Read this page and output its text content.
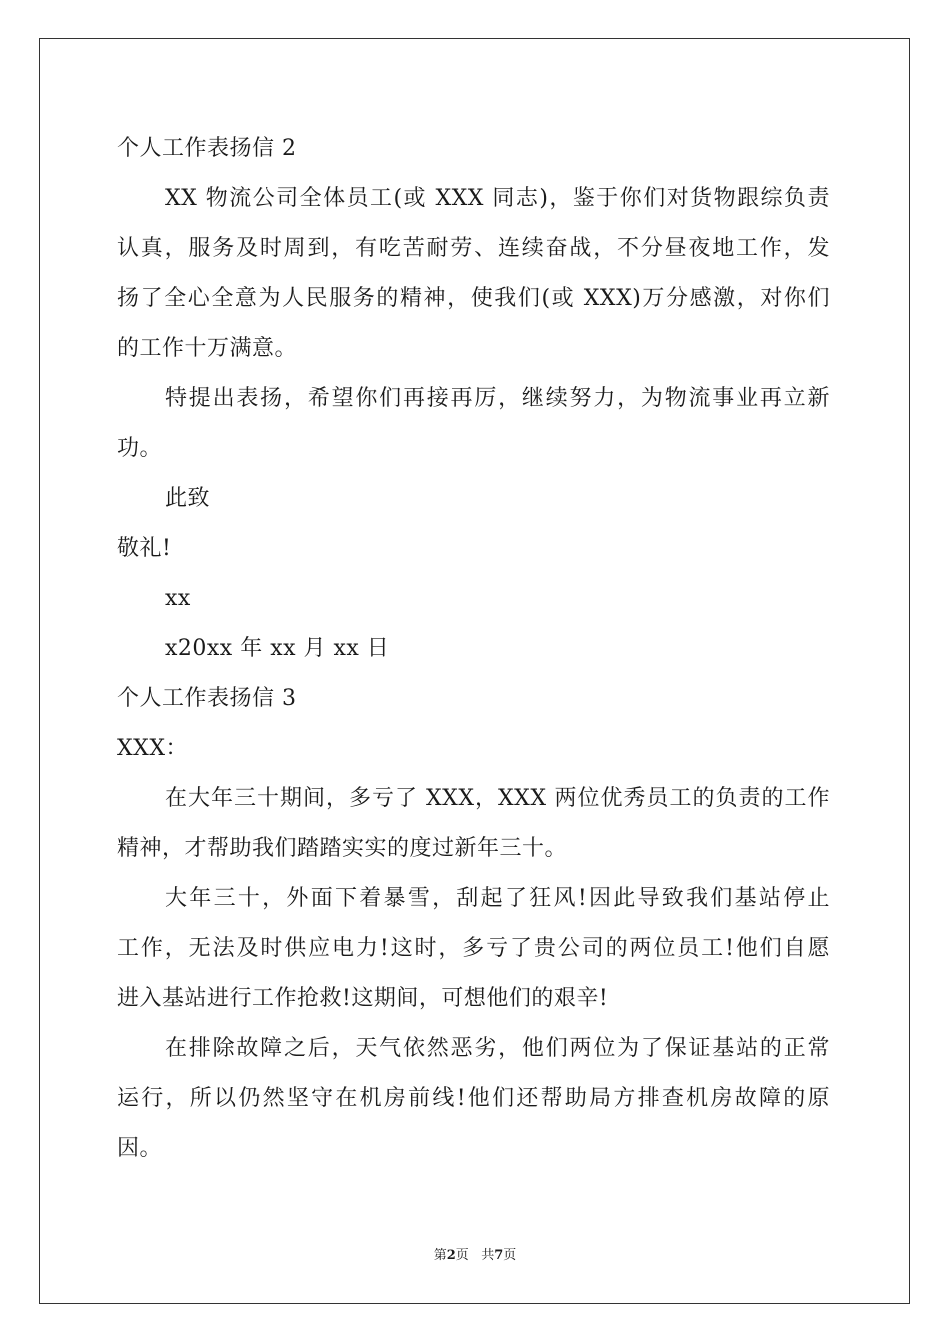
个人工作表扬信 2
XX 物流公司全体员工(或 XXX 同志)，鉴于你们对货物跟综负责
认真，服务及时周到，有吃苦耐劳、连续奋战，不分昼夜地工作，发
扬了全心全意为人民服务的精神，使我们(或 XXX)万分感激，对你们
的工作十万满意。
特提出表扬，希望你们再接再厉，继续努力，为物流事业再立新
功。
此致
敬礼!
xx
x20xx 年 xx 月 xx 日
个人工作表扬信 3
XXX：
在大年三十期间，多亏了 XXX，XXX 两位优秀员工的负责的工作
精神，才帮助我们踏踏实实的度过新年三十。
大年三十，外面下着暴雪，刮起了狂风!因此导致我们基站停止
工作，无法及时供应电力!这时，多亏了贵公司的两位员工!他们自愿
进入基站进行工作抢救!这期间，可想他们的艰辛!
在排除故障之后，天气依然恶劣，他们两位为了保证基站的正常
运行，所以仍然坚守在机房前线!他们还帮助局方排查机房故障的原
因。
第2页 共7页
